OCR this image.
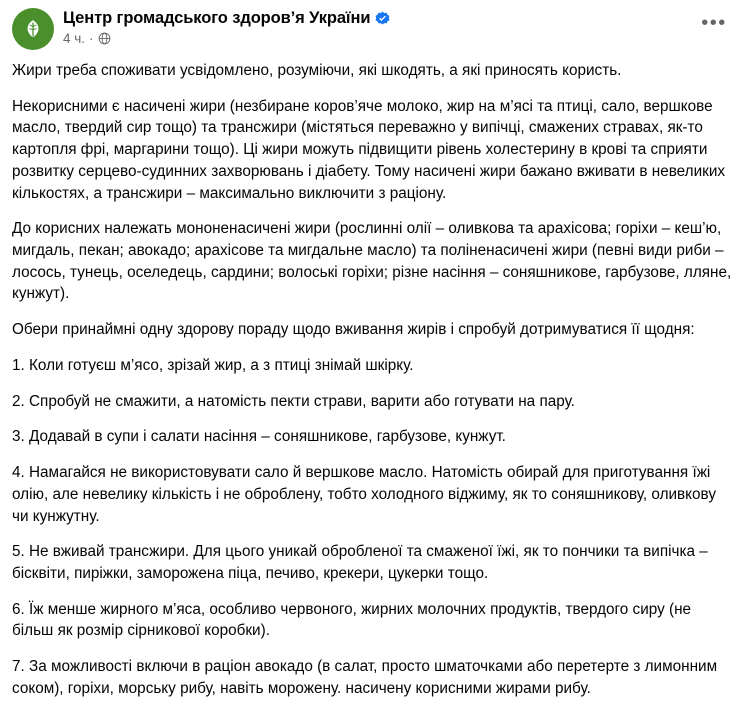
Центр громадського здоров’я України
4 ч. ·
•••

Жири треба споживати усвідомлено, розуміючи, які шкодять, а які приносять користь.

Некорисними є насичені жири (незбиране коров’яче молоко, жир на м’ясі та птиці, сало, вершкове масло, твердий сир тощо) та трансжири (містяться переважно у випічці, смажених стравах, як-то картопля фрі, маргарини тощо). Ці жири можуть підвищити рівень холестерину в крові та сприяти розвитку серцево-судинних захворювань і діабету. Тому насичені жири бажано вживати в невеликих кількостях, а трансжири – максимально виключити з раціону.

До корисних належать мононенасичені жири (рослинні олії – оливкова та арахісова; горіхи – кеш’ю, мигдаль, пекан; авокадо; арахісове та мигдальне масло) та поліненасичені жири (певні види риби – лосось, тунець, оселедець, сардини; волоські горіхи; різне насіння – соняшникове, гарбузове, лляне, кунжут).

Обери принаймні одну здорову пораду щодо вживання жирів і спробуй дотримуватися її щодня:

1. Коли готуєш м’ясо, зрізай жир, а з птиці знімай шкірку.

2. Спробуй не смажити, а натомість пекти страви, варити або готувати на пару.

3. Додавай в супи і салати насіння – соняшникове, гарбузове, кунжут.

4. Намагайся не використовувати сало й вершкове масло. Натомість обирай для приготування їжі олію, але невелику кількість і не оброблену, тобто холодного віджиму, як то соняшникову, оливкову чи кунжутну.

5. Не вживай трансжири. Для цього уникай обробленої та смаженої їжі, як то пончики та випічка – бісквіти, пиріжки, заморожена піца, печиво, крекери, цукерки тощо.

6. Їж менше жирного м’яса, особливо червоного, жирних молочних продуктів, твердого сиру (не більш як розмір сірникової коробки).

7. За можливості включи в раціон авокадо (в салат, просто шматочками або перетерте з лимонним соком), горіхи, морську рибу, навіть морожену. насичену корисними жирами рибу.
